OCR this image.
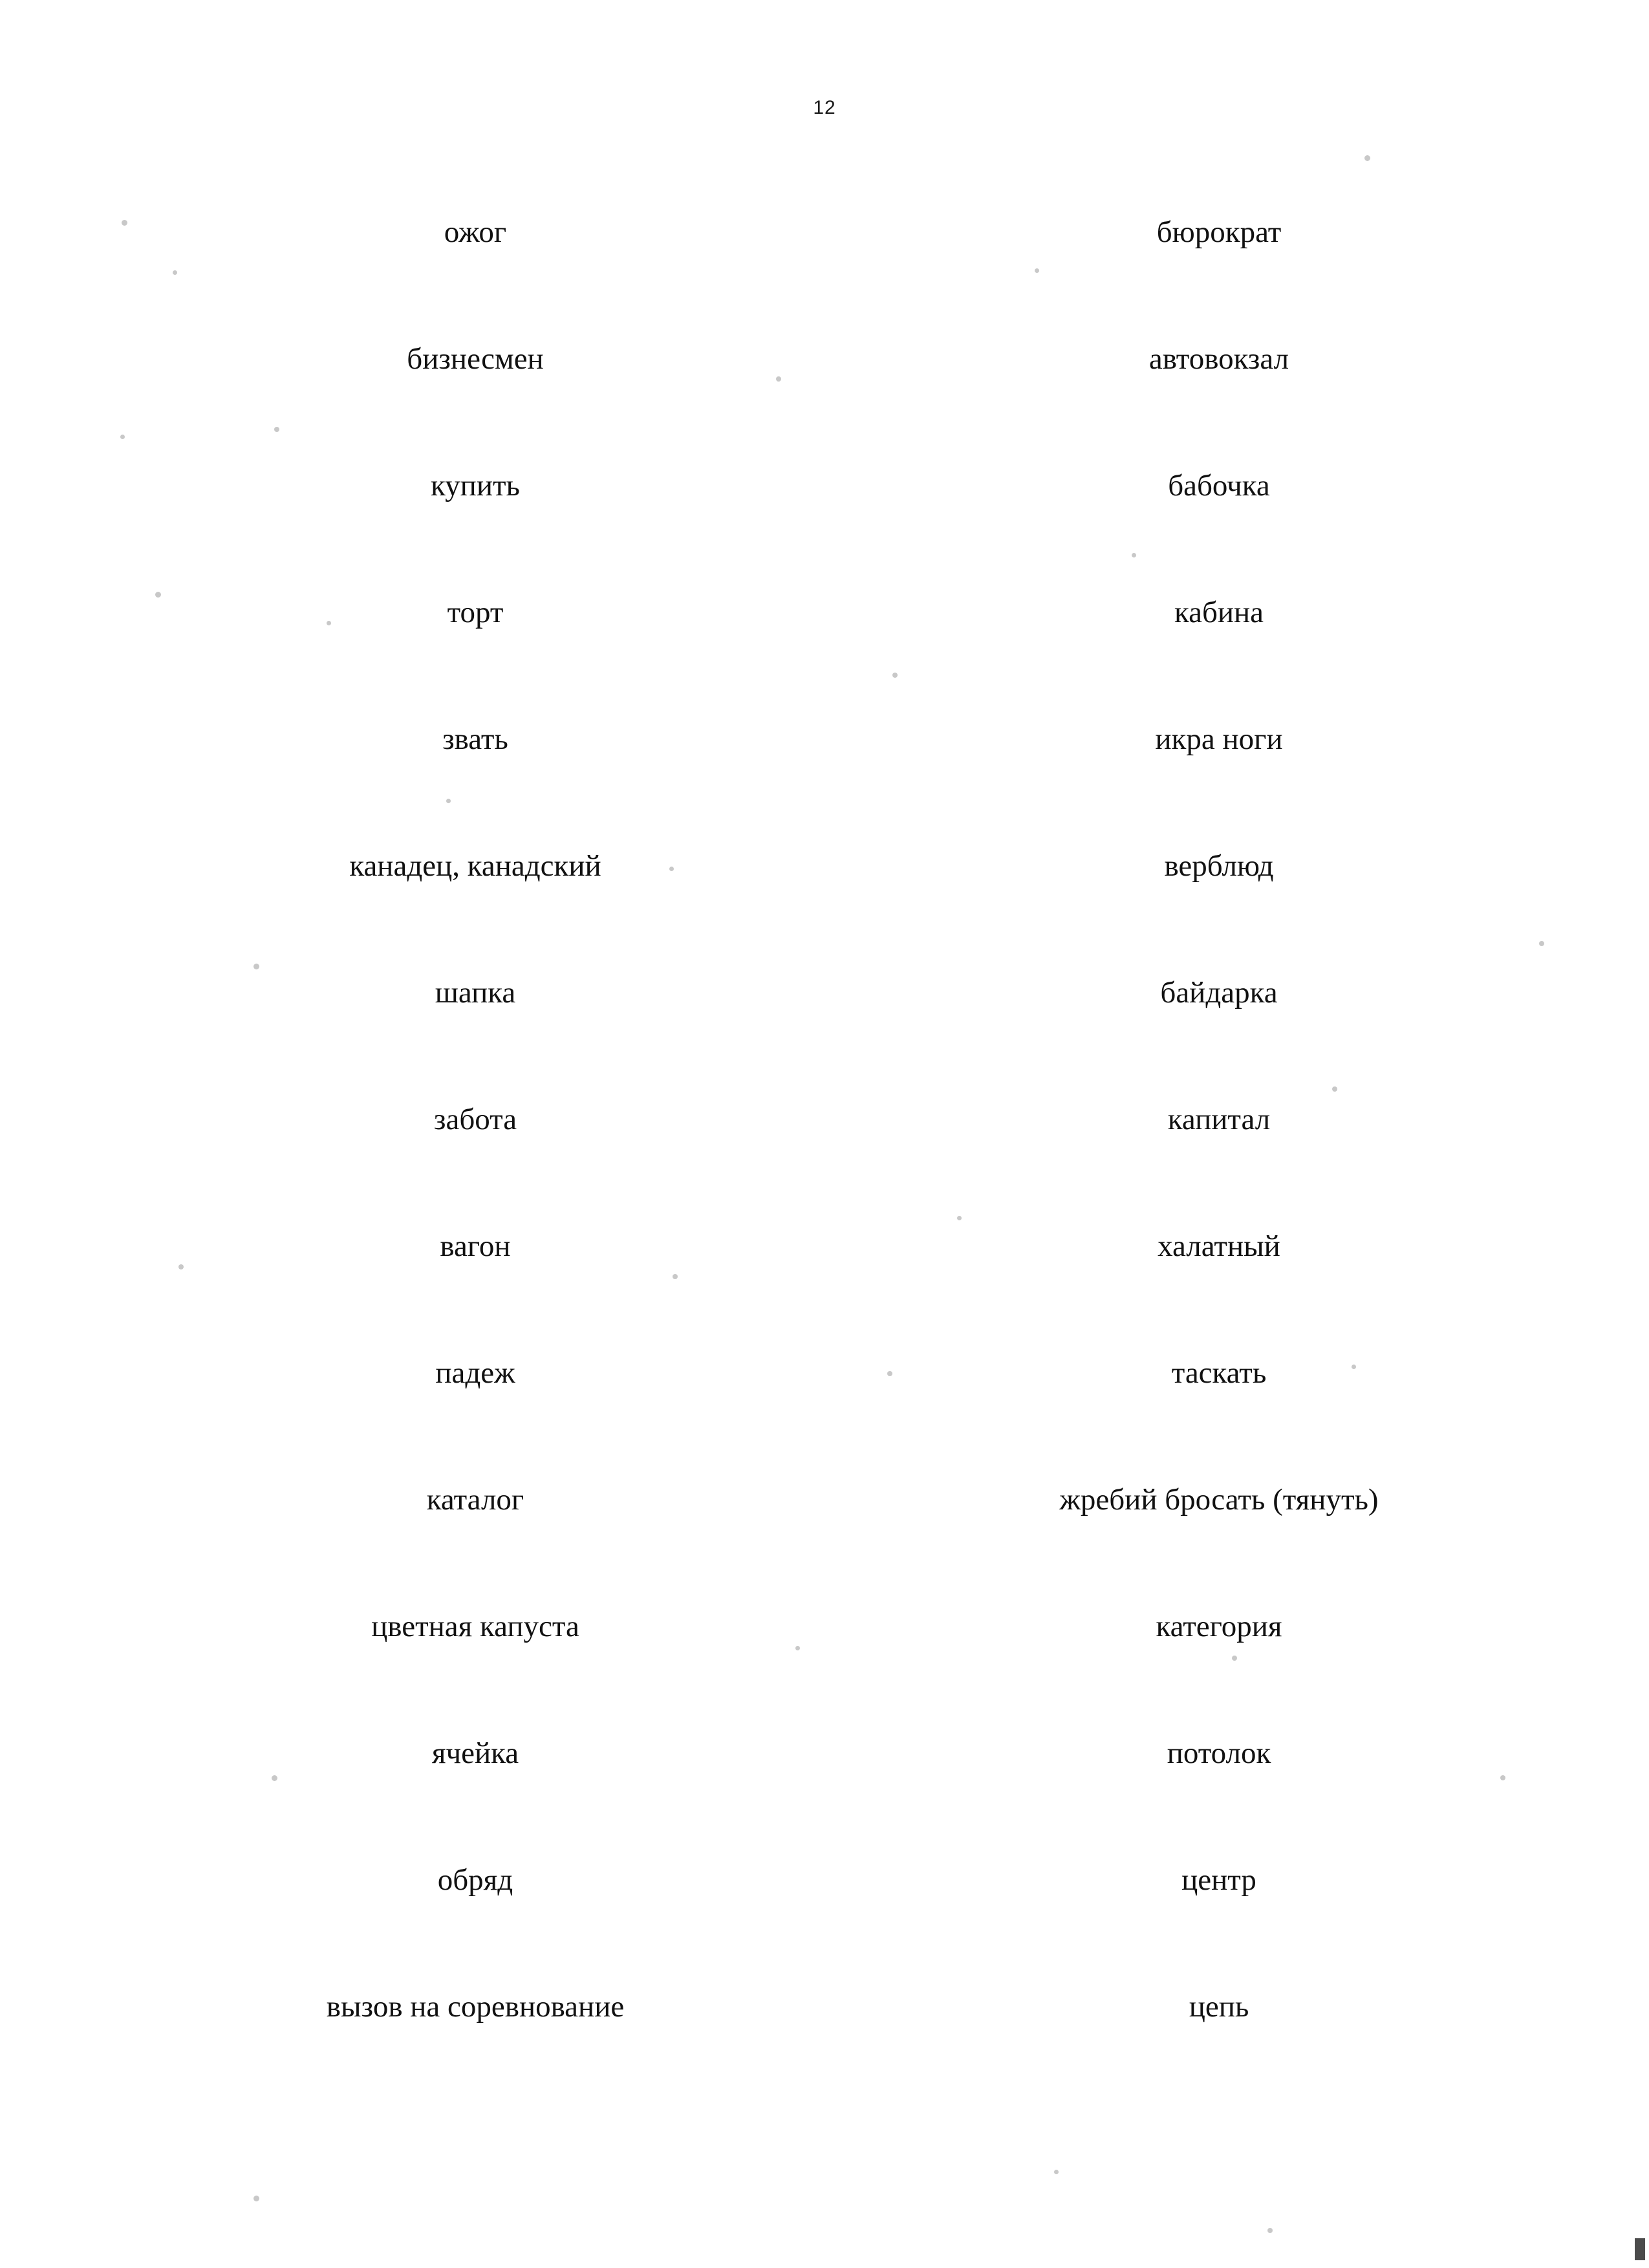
12
ожог	бюрократ
бизнесмен	автовокзал
купить	бабочка
торт	кабина
звать	икра ноги
канадец, канадский	верблюд
шапка	байдарка
забота	капитал
вагон	халатный
падеж	таскать
каталог	жребий бросать (тянуть)
цветная капуста	категория
ячейка	потолок
обряд	центр
вызов на соревнование	цепь
